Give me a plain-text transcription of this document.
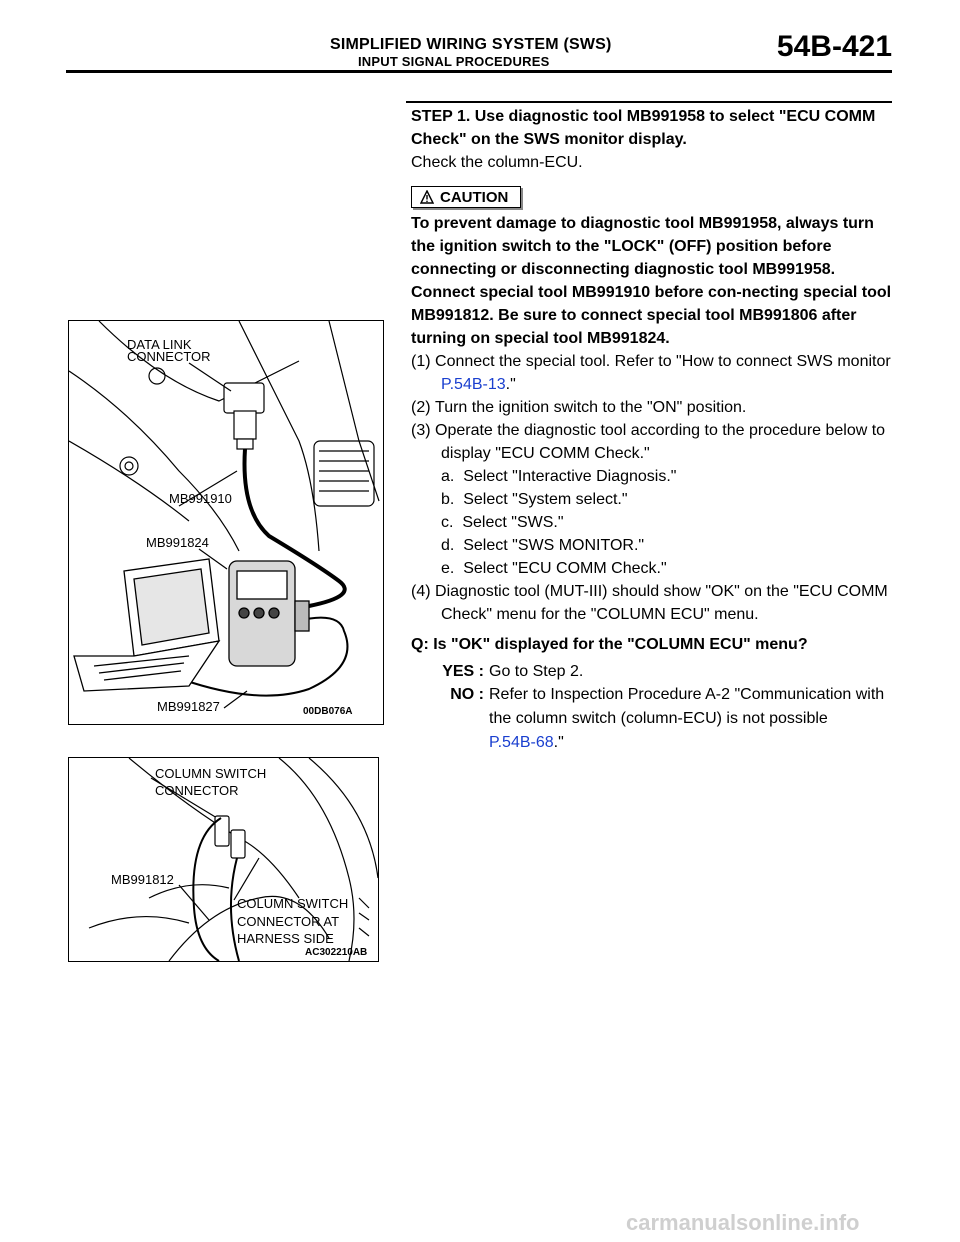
SIMPLIFIED WIRING SYSTEM (SWS)
INPUT SIGNAL PROCEDURES	54B-421
STEP 1. Use diagnostic tool MB991958 to select "ECU COMM Check" on the SWS monitor display.
Check the column-ECU.
CAUTION
To prevent damage to diagnostic tool MB991958, always turn the ignition switch to the "LOCK" (OFF) position before connecting or disconnecting diagnostic tool MB991958. Connect special tool MB991910 before con-necting special tool MB991812. Be sure to connect special tool MB991806 after turning on special tool MB991824.
(1) Connect the special tool. Refer to "How to connect SWS monitor P.54B-13."
(2) Turn the ignition switch to the "ON" position.
(3) Operate the diagnostic tool according to the procedure below to display "ECU COMM Check."
a. Select "Interactive Diagnosis."
b. Select "System select."
c. Select "SWS."
d. Select "SWS MONITOR."
e. Select "ECU COMM Check."
(4) Diagnostic tool (MUT-III) should show "OK" on the "ECU COMM Check" menu for the "COLUMN ECU" menu.
Q: Is "OK" displayed for the "COLUMN ECU" menu?
YES : Go to Step 2.
NO : Refer to Inspection Procedure A-2 "Communication with the column switch (column-ECU) is not possible
P.54B-68."
DATA LINK
CONNECTOR
MB991910
MB991824
MB991827	00DB076A
COLUMN SWITCH
CONNECTOR
MB991812
COLUMN SWITCH
CONNECTOR AT
HARNESS SIDE
AC302210AB
carmanualsonline.info
